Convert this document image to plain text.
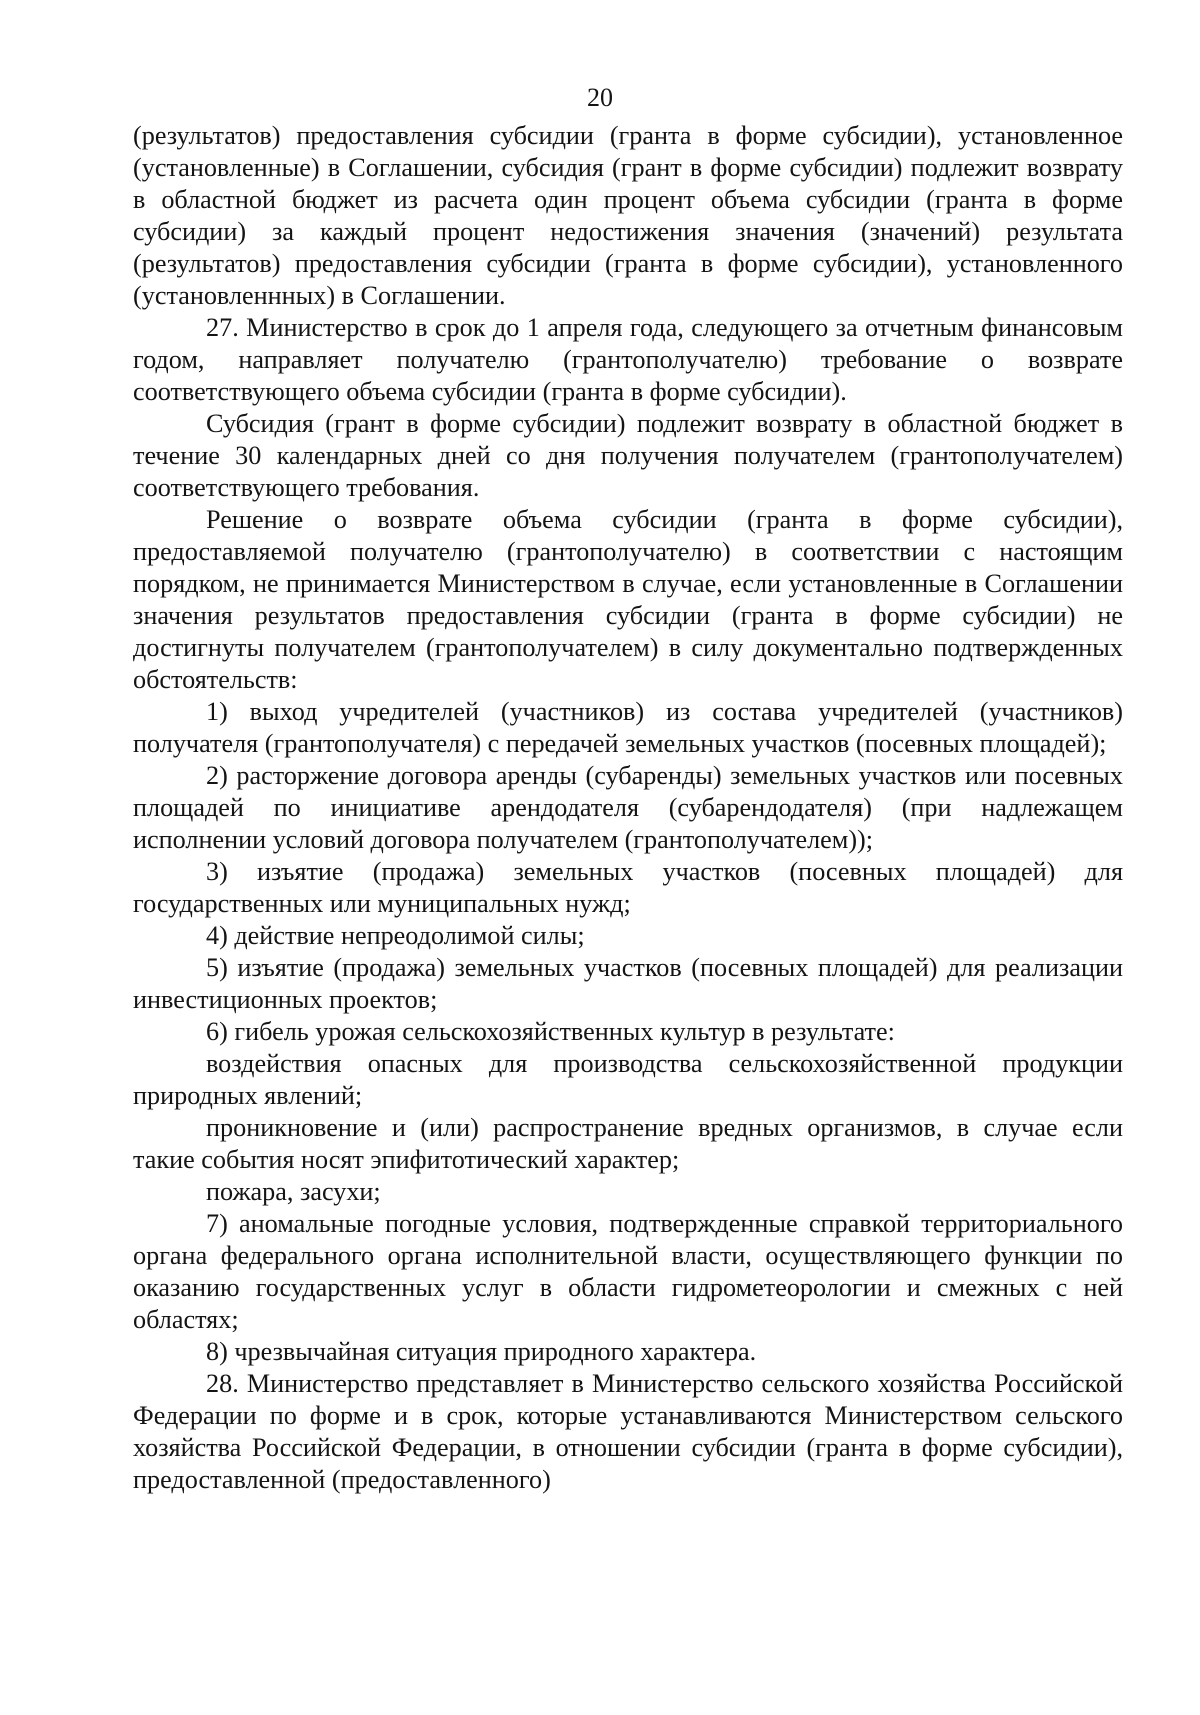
20

(результатов) предоставления субсидии (гранта в форме субсидии), установленное (установленные) в Соглашении, субсидия (грант в форме субсидии) подлежит возврату в областной бюджет из расчета один процент объема субсидии (гранта в форме субсидии) за каждый процент недостижения значения (значений) результата (результатов) предоставления субсидии (гранта в форме субсидии), установленного (установленнных) в Соглашении.

27. Министерство в срок до 1 апреля года, следующего за отчетным финансовым годом, направляет получателю (грантополучателю) требование о возврате соответствующего объема субсидии (гранта в форме субсидии).

Субсидия (грант в форме субсидии) подлежит возврату в областной бюджет в течение 30 календарных дней со дня получения получателем (грантополучателем) соответствующего требования.

Решение о возврате объема субсидии (гранта в форме субсидии), предоставляемой получателю (грантополучателю) в соответствии с настоящим порядком, не принимается Министерством в случае, если установленные в Соглашении значения результатов предоставления субсидии (гранта в форме субсидии) не достигнуты получателем (грантополучателем) в силу документально подтвержденных обстоятельств:

1) выход учредителей (участников) из состава учредителей (участников) получателя (грантополучателя) с передачей земельных участков (посевных площадей);

2) расторжение договора аренды (субаренды) земельных участков или посевных площадей по инициативе арендодателя (субарендодателя) (при надлежащем исполнении условий договора получателем (грантополучателем));

3) изъятие (продажа) земельных участков (посевных площадей) для государственных или муниципальных нужд;

4) действие непреодолимой силы;

5) изъятие (продажа) земельных участков (посевных площадей) для реализации инвестиционных проектов;

6) гибель урожая сельскохозяйственных культур в результате:

воздействия опасных для производства сельскохозяйственной продукции природных явлений;

проникновение и (или) распространение вредных организмов, в случае если такие события носят эпифитотический характер;

пожара, засухи;

7) аномальные погодные условия, подтвержденные справкой территориального органа федерального органа исполнительной власти, осуществляющего функции по оказанию государственных услуг в области гидрометеорологии и смежных с ней областях;

8) чрезвычайная ситуация природного характера.

28. Министерство представляет в Министерство сельского хозяйства Российской Федерации по форме и в срок, которые устанавливаются Министерством сельского хозяйства Российской Федерации, в отношении субсидии (гранта в форме субсидии), предоставленной (предоставленного)
